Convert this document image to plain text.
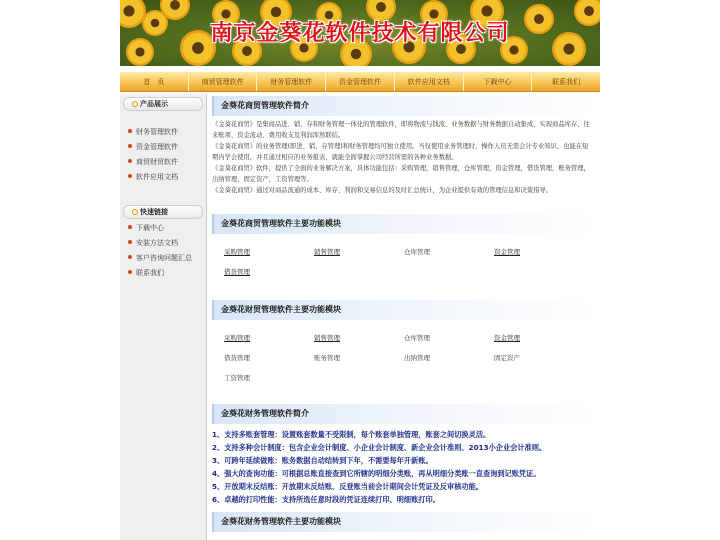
南京金葵花软件技术有限公司
首　页	商贸管理软件	财务管理软件	资金管理软件	软件应用文档	下载中心	联系我们
产品展示
财务管理软件
资金管理软件
商贸财贸软件
软件应用文档
快速链接
下载中心
安装方法文档
客户咨询问题汇总
联系我们
金葵花商贸管理软件简介

《金葵花商贸》是集商品进、销、存和财务管理一体化的管理软件，即将物流与钱流、业务数据与财务数据自动集成，实现商品库存、往来账项、资金流动、费用收支及利润浑然联结。

《金葵花商贸》的业务管理(即进、销、存管理)和财务管理均可独立使用。当仅使用业务管理时，操作人员无需会计专业知识，也能在短期内学会使用，并且通过相应的业务报表，就能全面掌握公司经营所需的各种业务数据。

《金葵花商贸》软件，提供了全面的业务解决方案，具体功能包括：采购管理，销售管理，仓库管理，资金管理，借货管理，账务管理，出纳管理，固定资产，工资管理等。

《金葵花商贸》通过对商品流通的成本、库存、利润和交易信息的及时汇总统计，为企业提供有效的管理信息和决策指导。

金葵花商贸管理软件主要功能模块
采购管理	销售管理	仓库管理	资金管理
借货管理
金葵花财贸管理软件主要功能模块
采购管理	销售管理	仓库管理	资金管理
借货管理	账务管理	出纳管理	固定资产
工资管理
金葵花财务管理软件简介
1、支持多账套管理：设置账套数量不受限制，每个账套单独管理，账套之间切换灵活。
2、支持多种会计制度：包含企业会计制度、小企业会计制度、新企业会计准则、2013小企业会计准则。
3、可跨年延续做账：账务数据自动结转到下年，不需要每年开新账。
4、强大的查询功能：可根据总账直接查到它所辖的明细分类账，再从明细分类账一直查询到记账凭证。
5、开放期末反结账：开放期末反结账、反登账当前会计期间会计凭证及反审核功能。
6、卓越的打印性能：支持所选任意时段的凭证连续打印、明细账打印。
金葵花财务管理软件主要功能模块
